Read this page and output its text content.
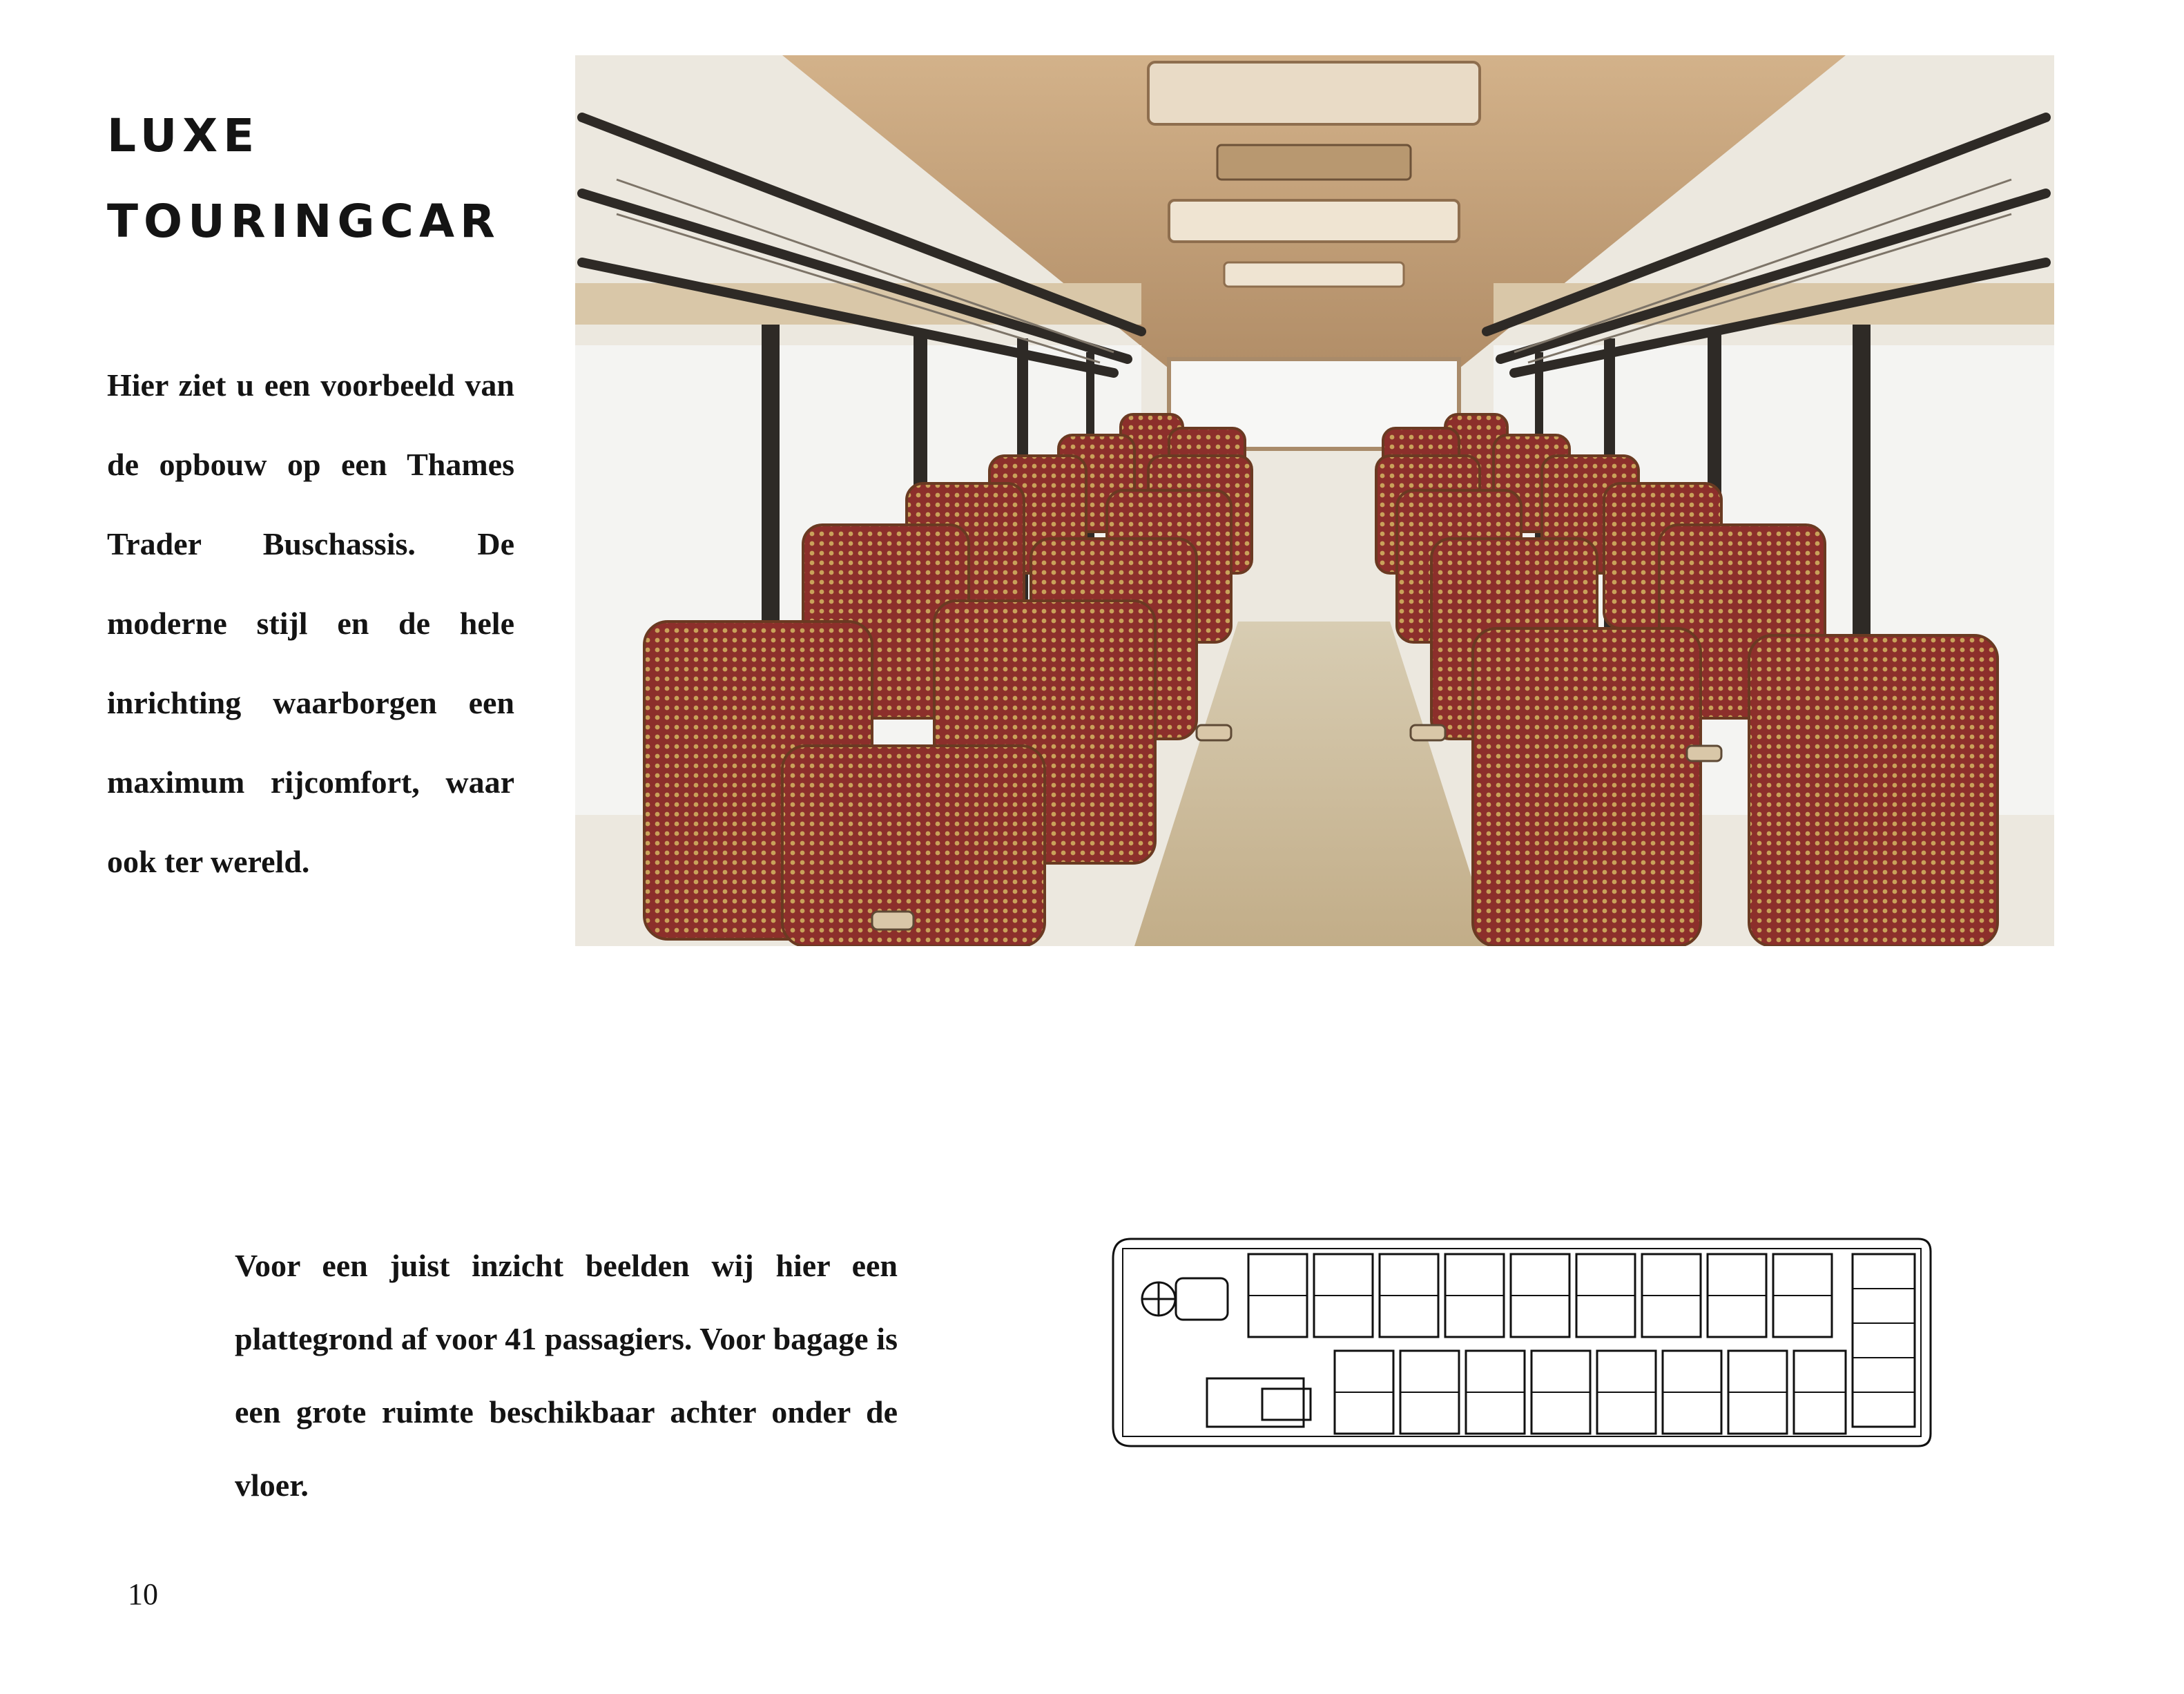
LUXE
TOURINGCAR

Hier ziet u een voorbeeld van de opbouw op een Thames Trader Buschassis. De moderne stijl en de hele inrichting waarborgen een maximum rijcomfort, waar ook ter wereld.

Voor een juist inzicht beelden wij hier een plattegrond af voor 41 passagiers. Voor bagage is een grote ruimte beschikbaar achter onder de vloer.

10
